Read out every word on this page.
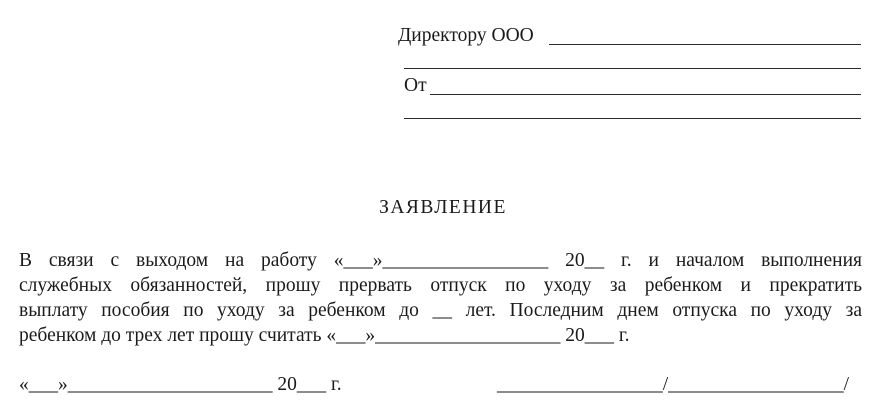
Директору ООО
От
ЗАЯВЛЕНИЕ
В связи с выходом на работу «___»_________________ 20__ г. и началом выполнения
служебных обязанностей, прошу прервать отпуск по уходу за ребенком и прекратить
выплату пособия по уходу за ребенком до __ лет. Последним днем отпуска по уходу за
ребенком до трех лет прошу считать «___»___________________ 20___ г.
«___»_____________________ 20___ г.	_________________/__________________/
